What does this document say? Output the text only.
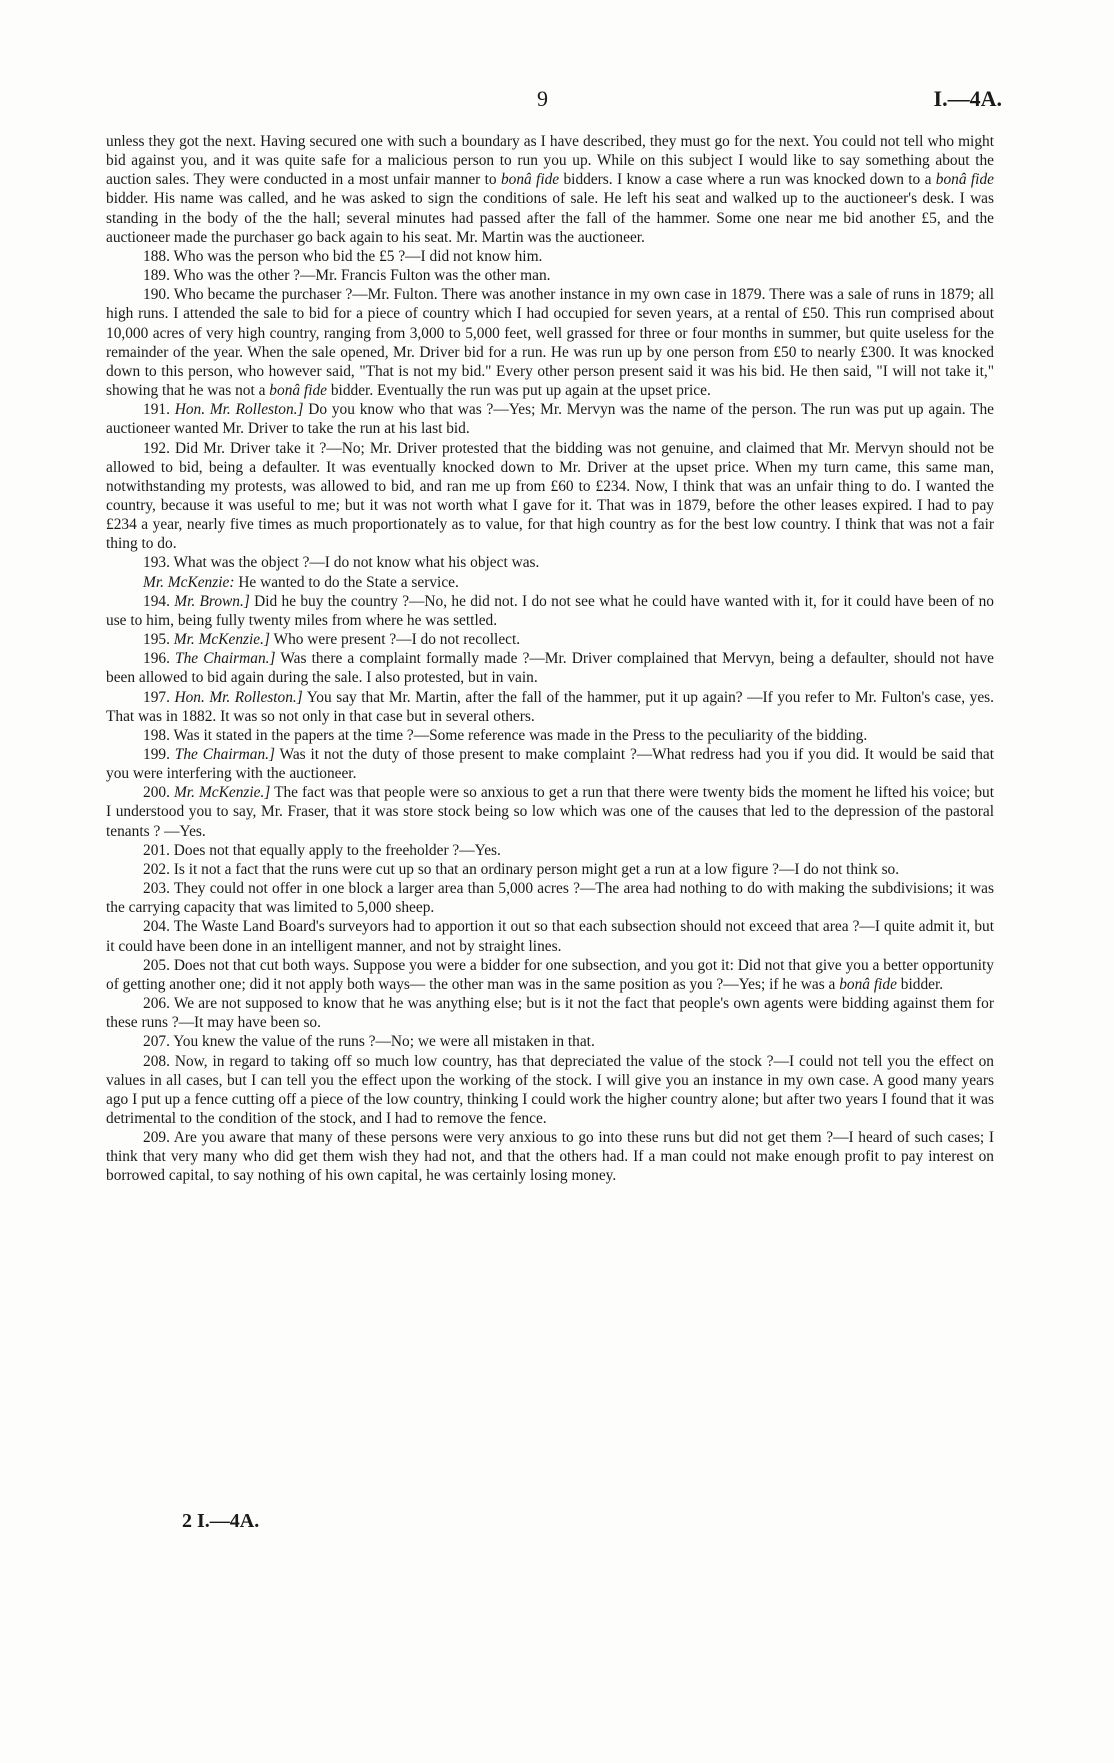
9	I.—4A.

unless they got the next. Having secured one with such a boundary as I have described, they must go for the next. You could not tell who might bid against you, and it was quite safe for a malicious person to run you up. While on this subject I would like to say something about the auction sales. They were conducted in a most unfair manner to bonâ fide bidders. I know a case where a run was knocked down to a bonâ fide bidder. His name was called, and he was asked to sign the conditions of sale. He left his seat and walked up to the auctioneer's desk. I was standing in the body of the the hall; several minutes had passed after the fall of the hammer. Some one near me bid another £5, and the auctioneer made the purchaser go back again to his seat. Mr. Martin was the auctioneer.

188. Who was the person who bid the £5 ?—I did not know him.

189. Who was the other ?—Mr. Francis Fulton was the other man.

190. Who became the purchaser ?—Mr. Fulton. There was another instance in my own case in 1879. There was a sale of runs in 1879; all high runs. I attended the sale to bid for a piece of country which I had occupied for seven years, at a rental of £50. This run comprised about 10,000 acres of very high country, ranging from 3,000 to 5,000 feet, well grassed for three or four months in summer, but quite useless for the remainder of the year. When the sale opened, Mr. Driver bid for a run. He was run up by one person from £50 to nearly £300. It was knocked down to this person, who however said, "That is not my bid." Every other person present said it was his bid. He then said, "I will not take it," showing that he was not a bonâ fide bidder. Eventually the run was put up again at the upset price.

191. Hon. Mr. Rolleston.] Do you know who that was ?—Yes; Mr. Mervyn was the name of the person. The run was put up again. The auctioneer wanted Mr. Driver to take the run at his last bid.

192. Did Mr. Driver take it ?—No; Mr. Driver protested that the bidding was not genuine, and claimed that Mr. Mervyn should not be allowed to bid, being a defaulter. It was eventually knocked down to Mr. Driver at the upset price. When my turn came, this same man, notwithstanding my protests, was allowed to bid, and ran me up from £60 to £234. Now, I think that was an unfair thing to do. I wanted the country, because it was useful to me; but it was not worth what I gave for it. That was in 1879, before the other leases expired. I had to pay £234 a year, nearly five times as much proportionately as to value, for that high country as for the best low country. I think that was not a fair thing to do.

193. What was the object ?—I do not know what his object was.

Mr. McKenzie: He wanted to do the State a service.

194. Mr. Brown.] Did he buy the country ?—No, he did not. I do not see what he could have wanted with it, for it could have been of no use to him, being fully twenty miles from where he was settled.

195. Mr. McKenzie.] Who were present ?—I do not recollect.

196. The Chairman.] Was there a complaint formally made ?—Mr. Driver complained that Mervyn, being a defaulter, should not have been allowed to bid again during the sale. I also protested, but in vain.

197. Hon. Mr. Rolleston.] You say that Mr. Martin, after the fall of the hammer, put it up again? —If you refer to Mr. Fulton's case, yes. That was in 1882. It was so not only in that case but in several others.

198. Was it stated in the papers at the time ?—Some reference was made in the Press to the peculiarity of the bidding.

199. The Chairman.] Was it not the duty of those present to make complaint ?—What redress had you if you did. It would be said that you were interfering with the auctioneer.

200. Mr. McKenzie.] The fact was that people were so anxious to get a run that there were twenty bids the moment he lifted his voice; but I understood you to say, Mr. Fraser, that it was store stock being so low which was one of the causes that led to the depression of the pastoral tenants ? —Yes.

201. Does not that equally apply to the freeholder ?—Yes.

202. Is it not a fact that the runs were cut up so that an ordinary person might get a run at a low figure ?—I do not think so.

203. They could not offer in one block a larger area than 5,000 acres ?—The area had nothing to do with making the subdivisions; it was the carrying capacity that was limited to 5,000 sheep.

204. The Waste Land Board's surveyors had to apportion it out so that each subsection should not exceed that area ?—I quite admit it, but it could have been done in an intelligent manner, and not by straight lines.

205. Does not that cut both ways. Suppose you were a bidder for one subsection, and you got it: Did not that give you a better opportunity of getting another one; did it not apply both ways— the other man was in the same position as you ?—Yes; if he was a bonâ fide bidder.

206. We are not supposed to know that he was anything else; but is it not the fact that people's own agents were bidding against them for these runs ?—It may have been so.

207. You knew the value of the runs ?—No; we were all mistaken in that.

208. Now, in regard to taking off so much low country, has that depreciated the value of the stock ?—I could not tell you the effect on values in all cases, but I can tell you the effect upon the working of the stock. I will give you an instance in my own case. A good many years ago I put up a fence cutting off a piece of the low country, thinking I could work the higher country alone; but after two years I found that it was detrimental to the condition of the stock, and I had to remove the fence.

209. Are you aware that many of these persons were very anxious to go into these runs but did not get them ?—I heard of such cases; I think that very many who did get them wish they had not, and that the others had. If a man could not make enough profit to pay interest on borrowed capital, to say nothing of his own capital, he was certainly losing money.

2 I.—4A.
